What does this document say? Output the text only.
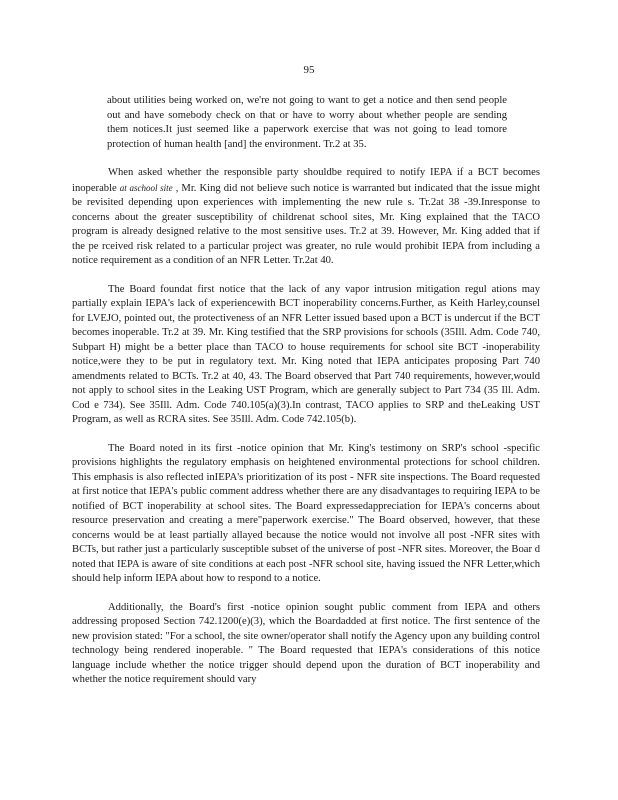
95

about utilities being worked on, we're not going to want to get a notice and then send people out and have somebody check on that or have to worry about whether people are sending them notices.It just seemed like a paperwork exercise that was not going to lead tomore protection of human health [and] the environment. Tr.2 at 35.

When asked whether the responsible party shouldbe required to notify IEPA if a BCT becomes inoperable at aschool site , Mr. King did not believe such notice is warranted but indicated that the issue might be revisited depending upon experiences with implementing the new rule s. Tr.2at 38 -39.Inresponse to concerns about the greater susceptibility of childrenat school sites, Mr. King explained that the TACO program is already designed relative to the most sensitive uses. Tr.2 at 39. However, Mr. King added that if the pe rceived risk related to a particular project was greater, no rule would prohibit IEPA from including a notice requirement as a condition of an NFR Letter. Tr.2at 40.

The Board foundat first notice that the lack of any vapor intrusion mitigation regul ations may partially explain IEPA's lack of experiencewith BCT inoperability concerns.Further, as Keith Harley,counsel for LVEJO, pointed out, the protectiveness of an NFR Letter issued based upon a BCT is undercut if the BCT becomes inoperable. Tr.2 at 39. Mr. King testified that the SRP provisions for schools (35Ill. Adm. Code 740, Subpart H) might be a better place than TACO to house requirements for school site BCT -inoperability notice,were they to be put in regulatory text. Mr. King noted that IEPA anticipates proposing Part 740 amendments related to BCTs. Tr.2 at 40, 43. The Board observed that Part 740 requirements, however,would not apply to school sites in the Leaking UST Program, which are generally subject to Part 734 (35 Ill. Adm. Cod e 734). See 35Ill. Adm. Code 740.105(a)(3).In contrast, TACO applies to SRP and theLeaking UST Program, as well as RCRA sites. See 35Ill. Adm. Code 742.105(b).

The Board noted in its first -notice opinion that Mr. King's testimony on SRP's school -specific provisions highlights the regulatory emphasis on heightened environmental protections for school children. This emphasis is also reflected inIEPA's prioritization of its post - NFR site inspections. The Board requested at first notice that IEPA's public comment address whether there are any disadvantages to requiring IEPA to be notified of BCT inoperability at school sites. The Board expressedappreciation for IEPA's concerns about resource preservation and creating a mere"paperwork exercise." The Board observed, however, that these concerns would be at least partially allayed because the notice would not involve all post -NFR sites with BCTs, but rather just a particularly susceptible subset of the universe of post -NFR sites. Moreover, the Boar d noted that IEPA is aware of site conditions at each post -NFR school site, having issued the NFR Letter,which should help inform IEPA about how to respond to a notice.

Additionally, the Board's first -notice opinion sought public comment from IEPA and others addressing proposed Section 742.1200(e)(3), which the Boardadded at first notice. The first sentence of the new provision stated: "For a school, the site owner/operator shall notify the Agency upon any building control technology being rendered inoperable. " The Board requested that IEPA's considerations of this notice language include whether the notice trigger should depend upon the duration of BCT inoperability and whether the notice requirement should vary
